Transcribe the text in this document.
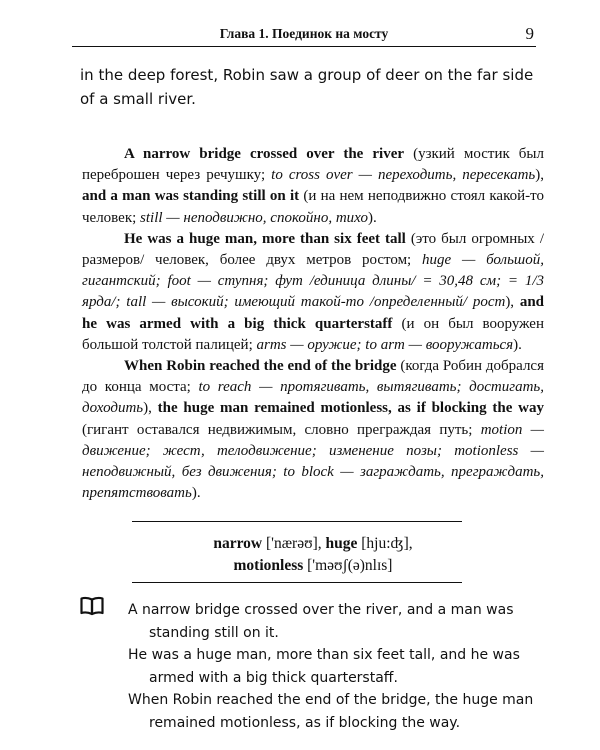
Глава 1. Поединок на мосту	9

in the deep forest, Robin saw a group of deer on the far side of a small river.

A narrow bridge crossed over the river (узкий мостик был переброшен через речушку; to cross over — переходить, пересекать), and a man was standing still on it (и на нем неподвижно стоял какой-то человек; still — неподвижно, спокойно, тихо).

He was a huge man, more than six feet tall (это был огромных /размеров/ человек, более двух метров ростом; huge — большой, гигантский; foot — ступня; фут /единица длины/ = 30,48 см; = 1/3 ярда/; tall — высокий; имеющий такой-то /определенный/ рост), and he was armed with a big thick quarterstaff (и он был вооружен большой толстой палицей; arms — оружие; to arm — вооружаться).

When Robin reached the end of the bridge (когда Робин добрался до конца моста; to reach — протягивать, вытягивать; достигать, доходить), the huge man remained motionless, as if blocking the way (гигант оставался недвижимым, словно преграждая путь; motion — движение; жест, телодвижение; изменение позы; motionless — неподвижный, без движения; to block — заграждать, преграждать, препятствовать).

narrow ['nærəʊ], huge [hju:ʤ],
motionless ['məʊʃ(ə)nlɪs]

A narrow bridge crossed over the river, and a man was standing still on it.

He was a huge man, more than six feet tall, and he was armed with a big thick quarterstaff.

When Robin reached the end of the bridge, the huge man remained motionless, as if blocking the way.
